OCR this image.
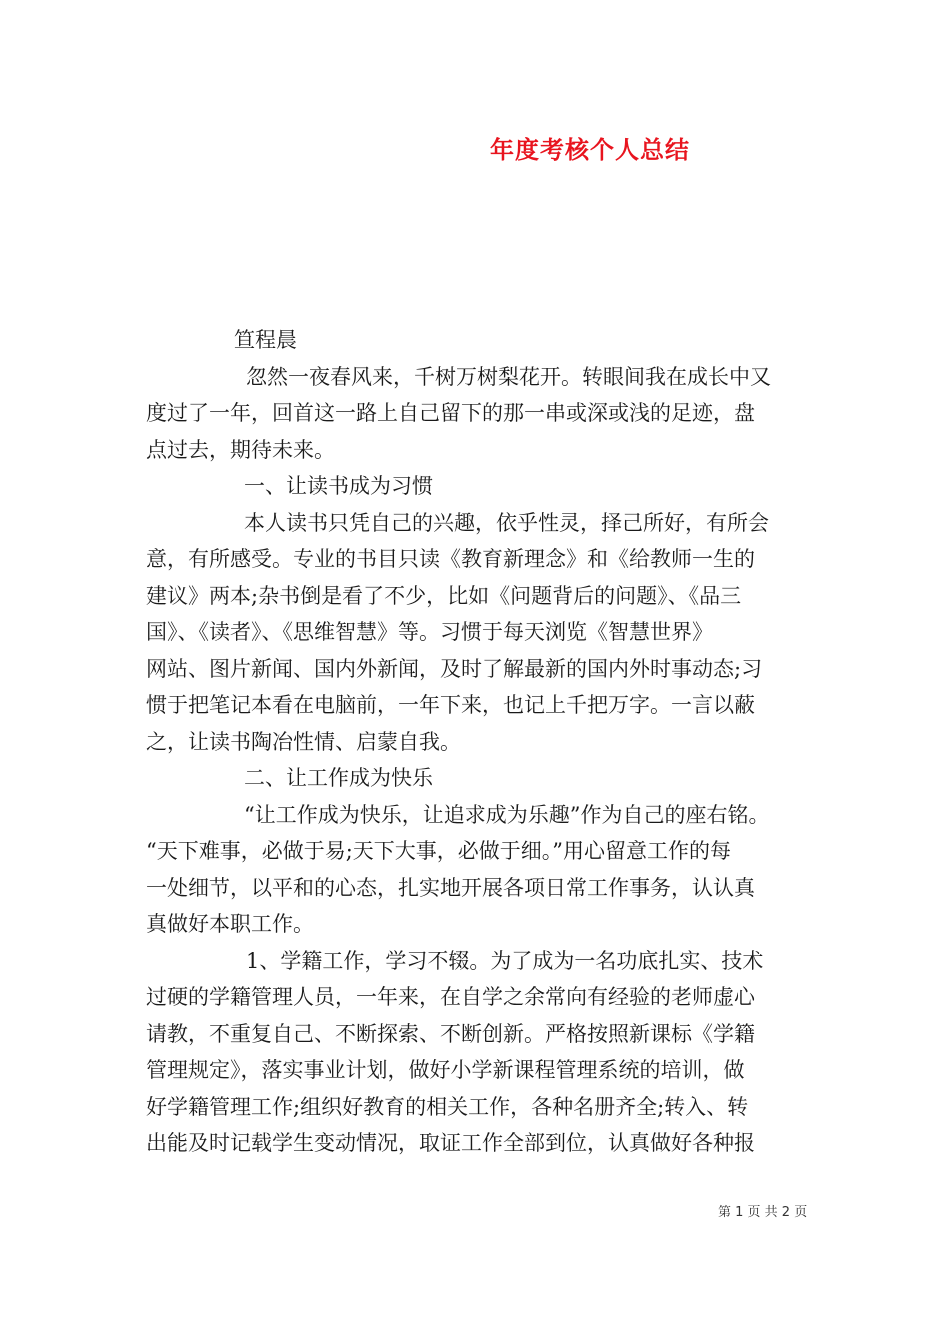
年度考核个人总结
笪程晨
忽然一夜春风来，千树万树梨花开。转眼间我在成长中又
度过了一年，回首这一路上自己留下的那一串或深或浅的足迹，盘
点过去，期待未来。
一、让读书成为习惯
本人读书只凭自己的兴趣，依乎性灵，择己所好，有所会
意，有所感受。专业的书目只读《教育新理念》和《给教师一生的
建议》两本;杂书倒是看了不少，比如《问题背后的问题》、《品三
国》、《读者》、《思维智慧》等。习惯于每天浏览《智慧世界》
网站、图片新闻、国内外新闻，及时了解最新的国内外时事动态;习
惯于把笔记本看在电脑前，一年下来，也记上千把万字。一言以蔽
之，让读书陶冶性情、启蒙自我。
二、让工作成为快乐
“让工作成为快乐，让追求成为乐趣”作为自己的座右铭。
“天下难事，必做于易;天下大事，必做于细。”用心留意工作的每
一处细节，以平和的心态，扎实地开展各项日常工作事务，认认真
真做好本职工作。
1、学籍工作，学习不辍。为了成为一名功底扎实、技术
过硬的学籍管理人员，一年来，在自学之余常向有经验的老师虚心
请教，不重复自己、不断探索、不断创新。严格按照新课标《学籍
管理规定》，落实事业计划，做好小学新课程管理系统的培训，做
好学籍管理工作;组织好教育的相关工作，各种名册齐全;转入、转
出能及时记载学生变动情况，取证工作全部到位，认真做好各种报
第 1 页 共 2 页
